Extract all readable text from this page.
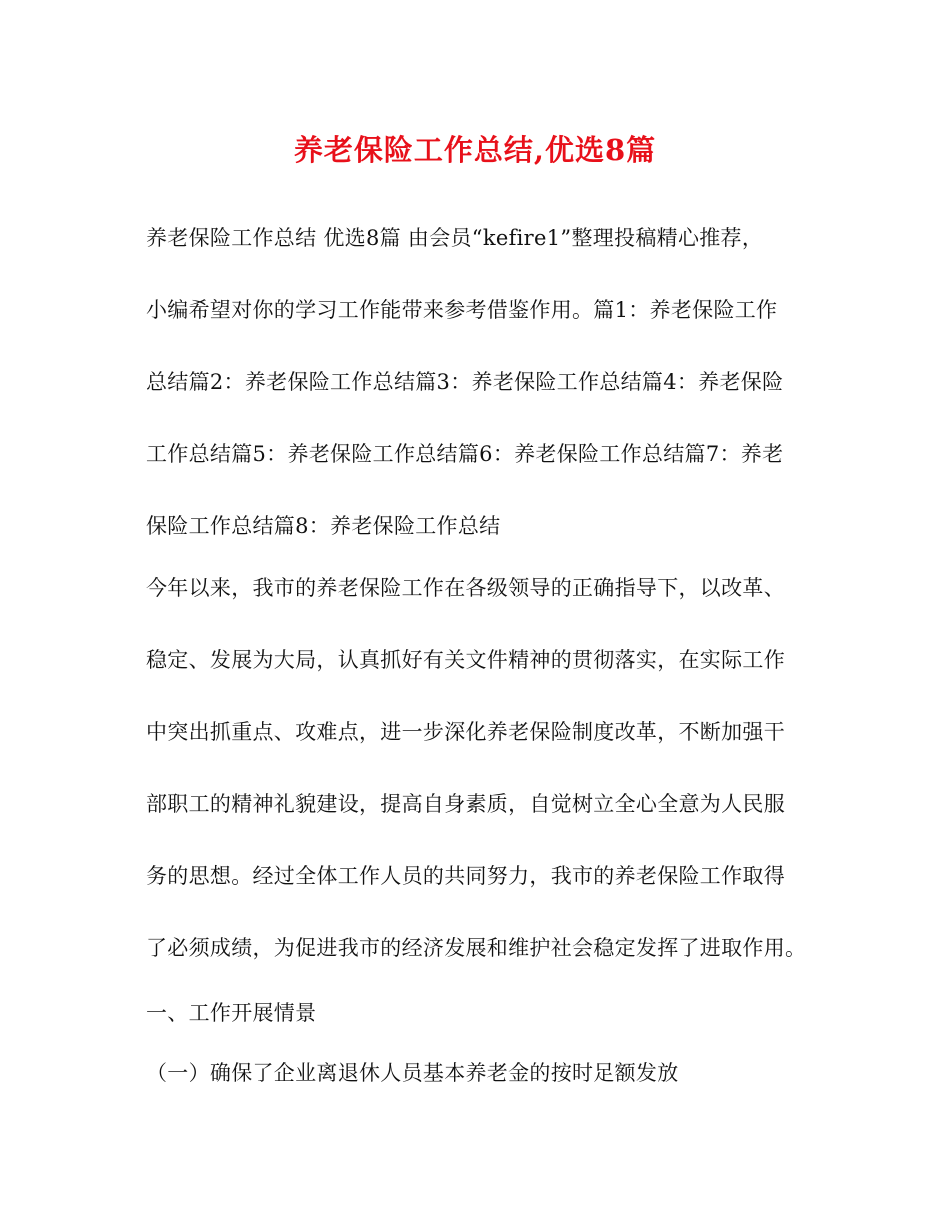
养老保险工作总结,优选8篇
养老保险工作总结 优选8篇 由会员“kefire1”整理投稿精心推荐，
小编希望对你的学习工作能带来参考借鉴作用。篇1：养老保险工作
总结篇2：养老保险工作总结篇3：养老保险工作总结篇4：养老保险
工作总结篇5：养老保险工作总结篇6：养老保险工作总结篇7：养老
保险工作总结篇8：养老保险工作总结
今年以来，我市的养老保险工作在各级领导的正确指导下，以改革、
稳定、发展为大局，认真抓好有关文件精神的贯彻落实，在实际工作
中突出抓重点、攻难点，进一步深化养老保险制度改革，不断加强干
部职工的精神礼貌建设，提高自身素质，自觉树立全心全意为人民服
务的思想。经过全体工作人员的共同努力，我市的养老保险工作取得
了必须成绩，为促进我市的经济发展和维护社会稳定发挥了进取作用。
一、工作开展情景
（一）确保了企业离退休人员基本养老金的按时足额发放
